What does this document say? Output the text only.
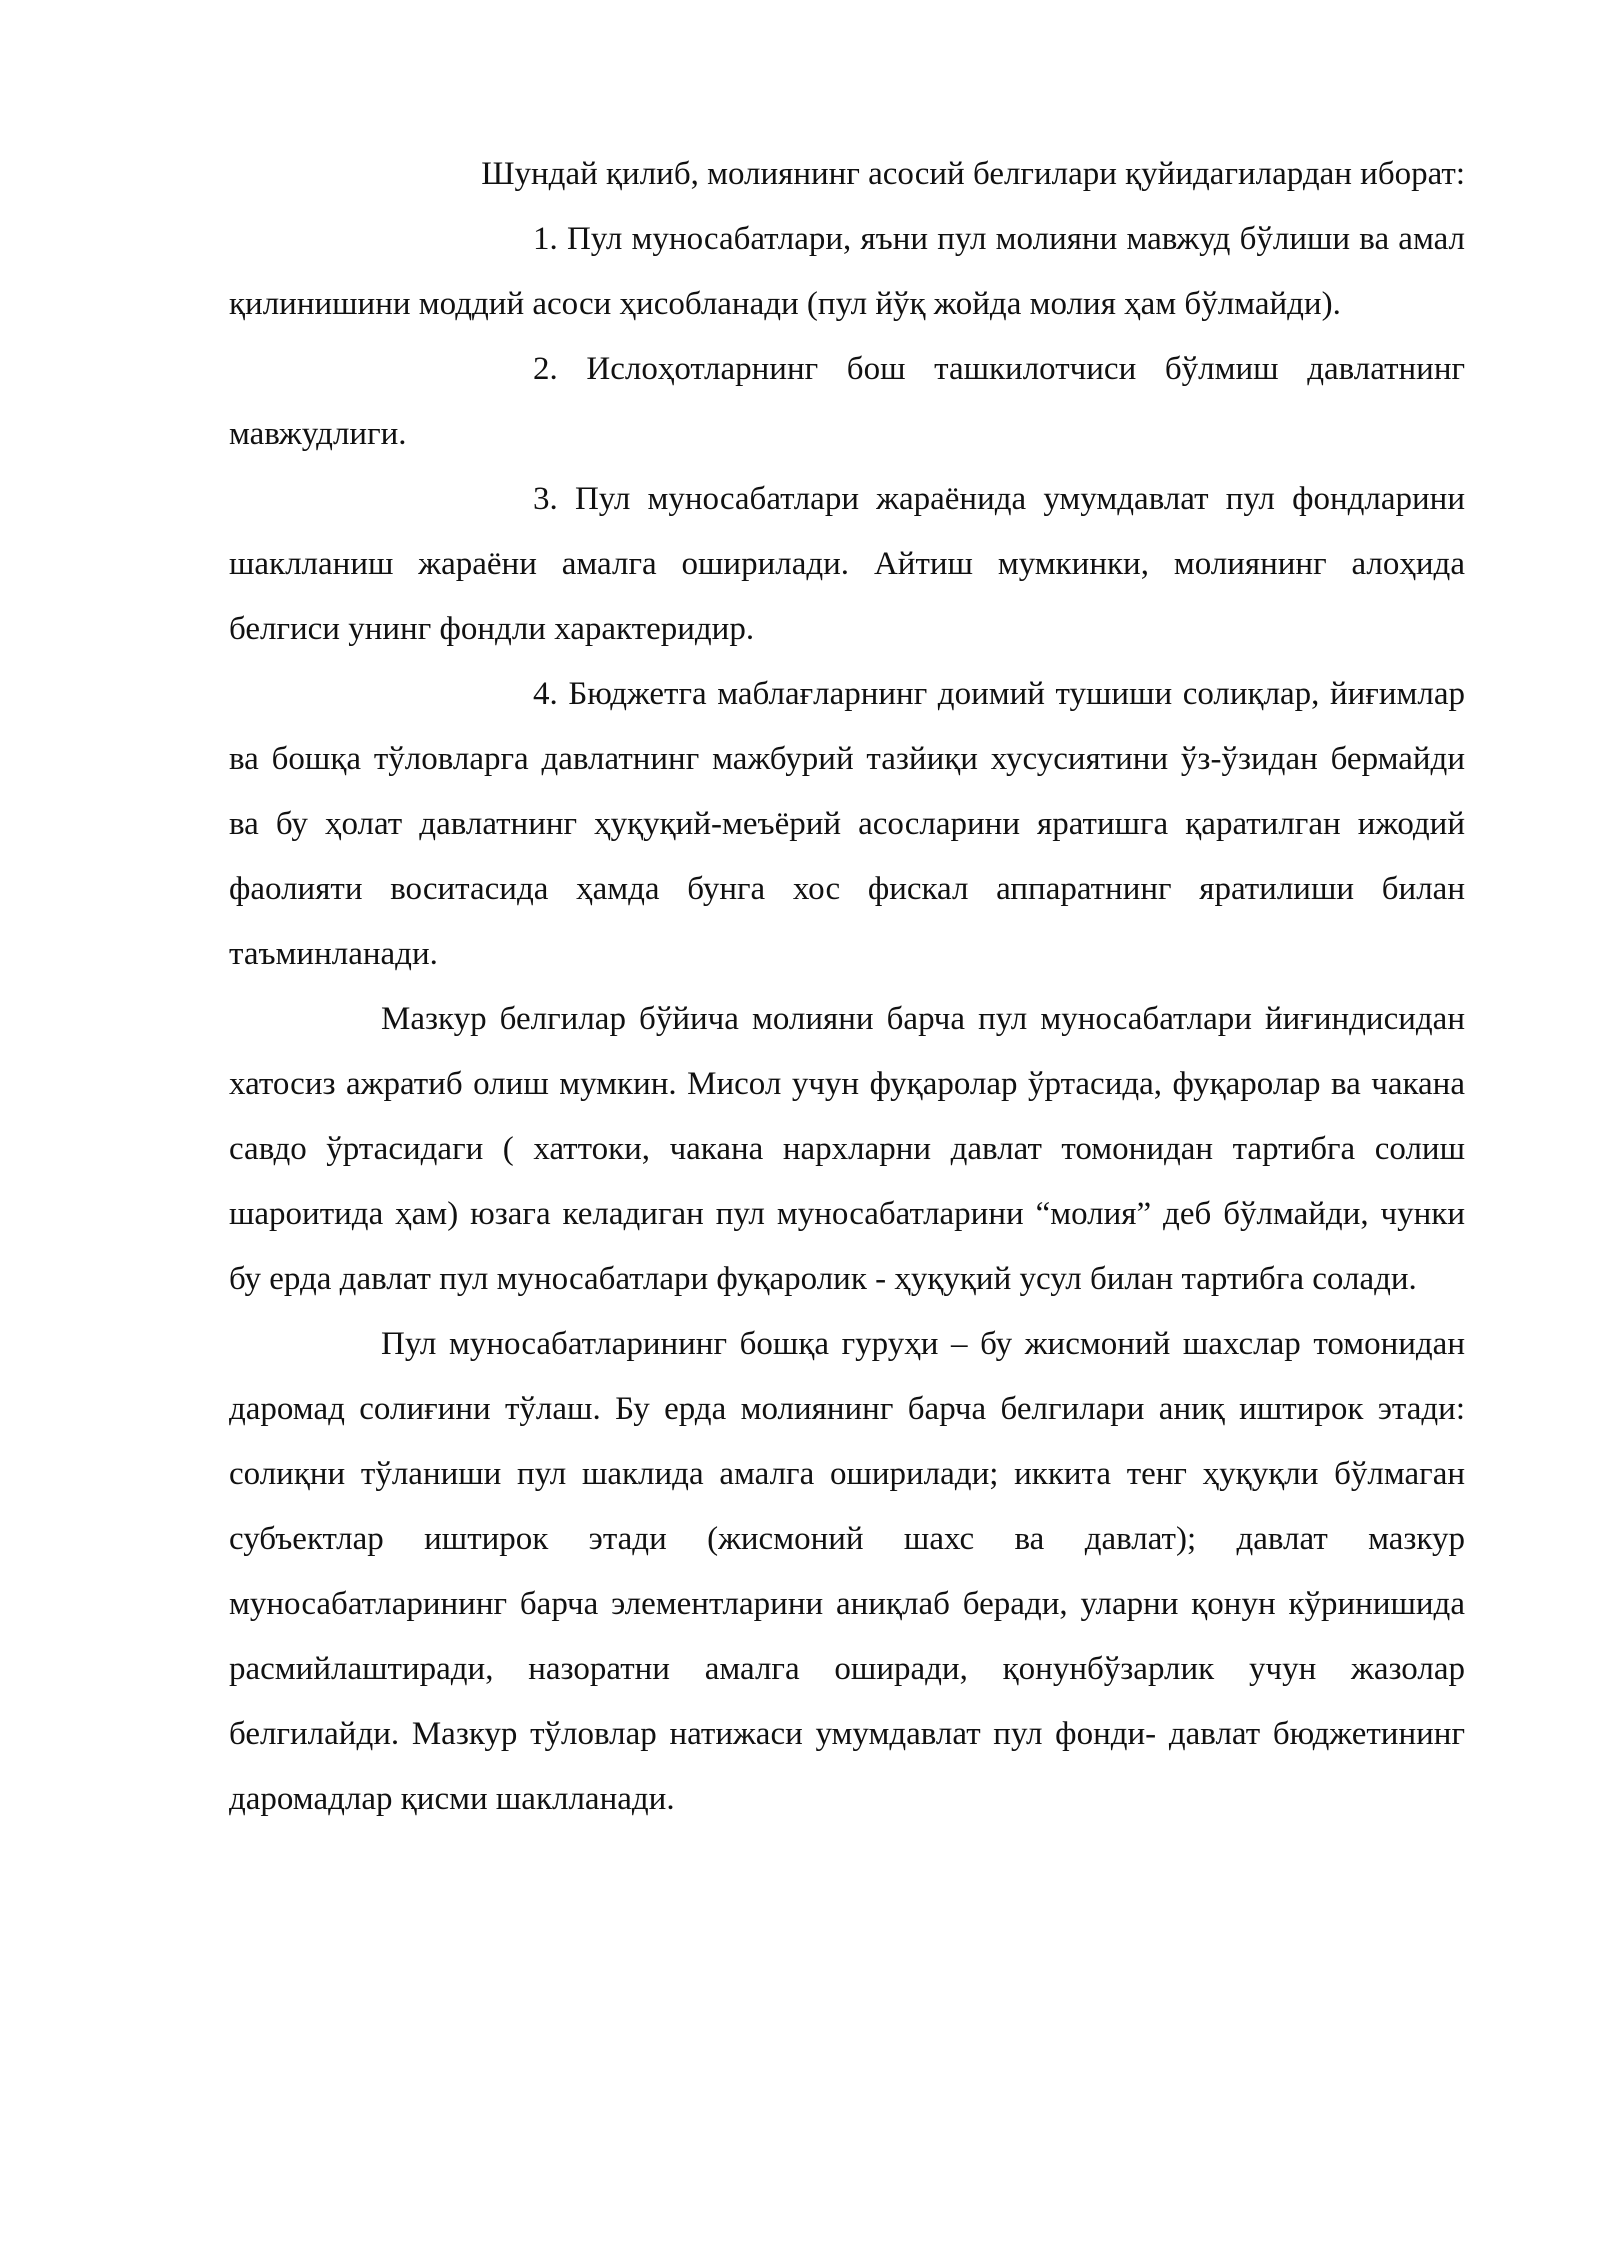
Шундай қилиб, молиянинг асосий белгилари қуйидагилардан иборат:

1. Пул муносабатлари, яъни пул молияни мавжуд бўлиши ва амал қилинишини моддий асоси ҳисобланади (пул йўқ жойда молия ҳам бўлмайди).

2. Ислоҳотларнинг бош ташкилотчиси бўлмиш давлатнинг мавжудлиги.

3. Пул муносабатлари жараёнида умумдавлат пул фондларини шаклланиш жараёни амалга оширилади. Айтиш мумкинки, молиянинг алоҳида белгиси унинг фондли характеридир.

4. Бюджетга маблағларнинг доимий тушиши солиқлар, йиғимлар ва бошқа тўловларга давлатнинг мажбурий тазйиқи хусусиятини ўз-ўзидан бермайди ва бу ҳолат давлатнинг ҳуқуқий-меъёрий асосларини яратишга қаратилган ижодий фаолияти воситасида ҳамда бунга хос фискал аппаратнинг яратилиши билан таъминланади.

Мазкур белгилар бўйича молияни барча пул муносабатлари йиғиндисидан хатосиз ажратиб олиш мумкин. Мисол учун фуқаролар ўртасида, фуқаролар ва чакана савдо ўртасидаги ( хаттоки, чакана нархларни давлат томонидан тартибга солиш шароитида ҳам) юзага келадиган пул муносабатларини “молия” деб бўлмайди, чунки бу ерда давлат пул муносабатлари фуқаролик - ҳуқуқий усул билан тартибга солади.

Пул муносабатларининг бошқа гуруҳи – бу жисмоний шахслар томонидан даромад солиғини тўлаш. Бу ерда молиянинг барча белгилари аниқ иштирок этади: солиқни тўланиши пул шаклида амалга оширилади; иккита тенг ҳуқуқли бўлмаган субъектлар иштирок этади (жисмоний шахс ва давлат); давлат мазкур муносабатларининг барча элементларини аниқлаб беради, уларни қонун кўринишида расмийлаштиради, назоратни амалга оширади, қонунбўзарлик учун жазолар белгилайди. Мазкур тўловлар натижаси умумдавлат пул фонди- давлат бюджетининг даромадлар қисми шаклланади.
